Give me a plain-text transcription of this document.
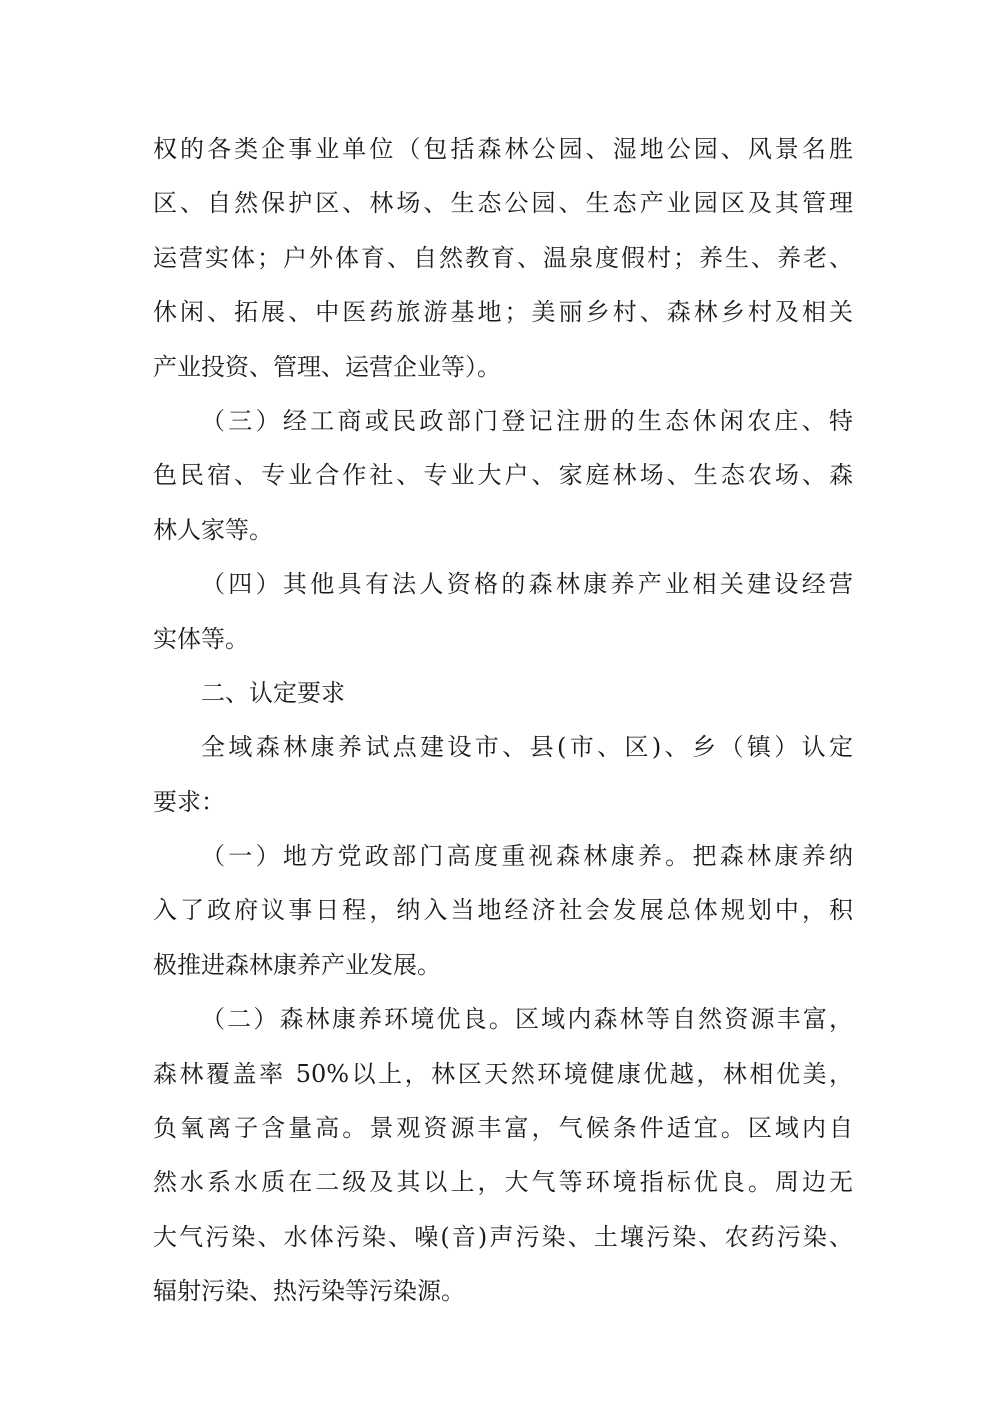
权的各类企事业单位（包括森林公园、湿地公园、风景名胜
区、自然保护区、林场、生态公园、生态产业园区及其管理
运营实体；户外体育、自然教育、温泉度假村；养生、养老、
休闲、拓展、中医药旅游基地；美丽乡村、森林乡村及相关
产业投资、管理、运营企业等）。
（三）经工商或民政部门登记注册的生态休闲农庄、特
色民宿、专业合作社、专业大户、家庭林场、生态农场、森
林人家等。
（四）其他具有法人资格的森林康养产业相关建设经营
实体等。
二、认定要求
全域森林康养试点建设市、县(市、区)、乡（镇）认定
要求：
（一）地方党政部门高度重视森林康养。把森林康养纳
入了政府议事日程，纳入当地经济社会发展总体规划中，积
极推进森林康养产业发展。
（二）森林康养环境优良。区域内森林等自然资源丰富，
森林覆盖率 50%以上，林区天然环境健康优越，林相优美，
负氧离子含量高。景观资源丰富，气候条件适宜。区域内自
然水系水质在二级及其以上，大气等环境指标优良。周边无
大气污染、水体污染、噪(音)声污染、土壤污染、农药污染、
辐射污染、热污染等污染源。
